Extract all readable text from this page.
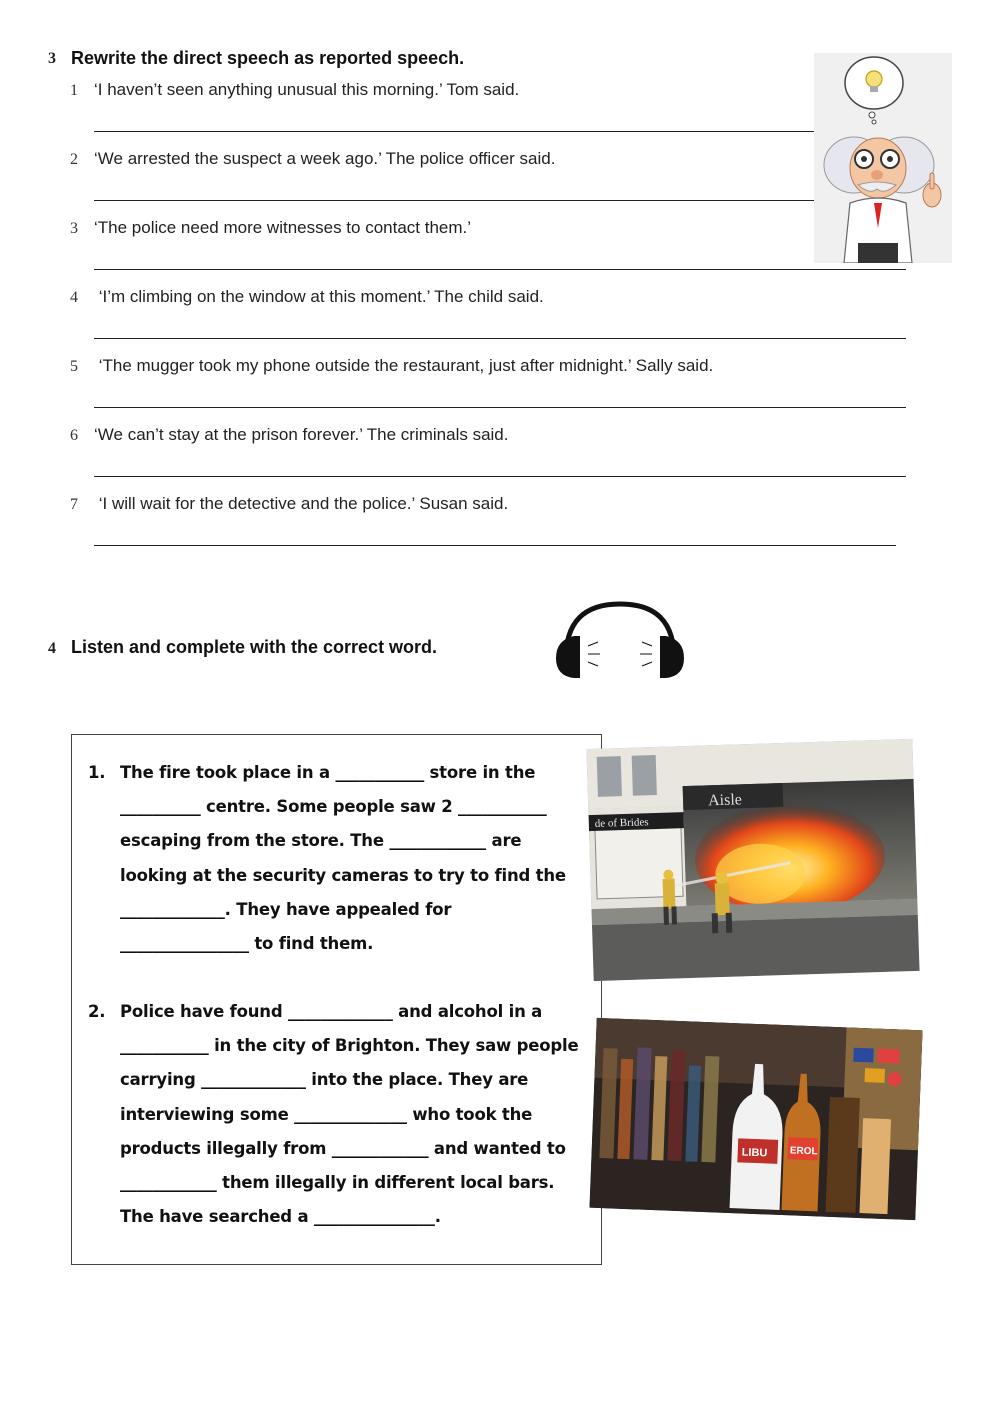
3 Rewrite the direct speech as reported speech.
1 ‘I haven’t seen anything unusual this morning.’ Tom said.
2 ‘We arrested the suspect a week ago.’ The police officer said.
3 ‘The police need more witnesses to contact them.’
4 ‘I’m climbing on the window at this moment.’ The child said.
5 ‘The mugger took my phone outside the restaurant, just after midnight.’ Sally said.
6 ‘We can’t stay at the prison forever.’ The criminals said.
7 ‘I will wait for the detective and the police.’ Susan said.
4 Listen and complete with the correct word.
1. The fire took place in a ___________ store in the
__________ centre. Some people saw 2 ___________
escaping from the store. The ____________ are
looking at the security cameras to try to find the
_____________. They have appealed for
________________ to find them.
2. Police have found _____________ and alcohol in a
___________ in the city of Brighton. They saw people
carrying _____________ into the place. They are
interviewing some ______________ who took the
products illegally from ____________ and wanted to
____________ them illegally in different local bars.
The have searched a _______________.
de of Brides
Aisle
LIBU EROL
